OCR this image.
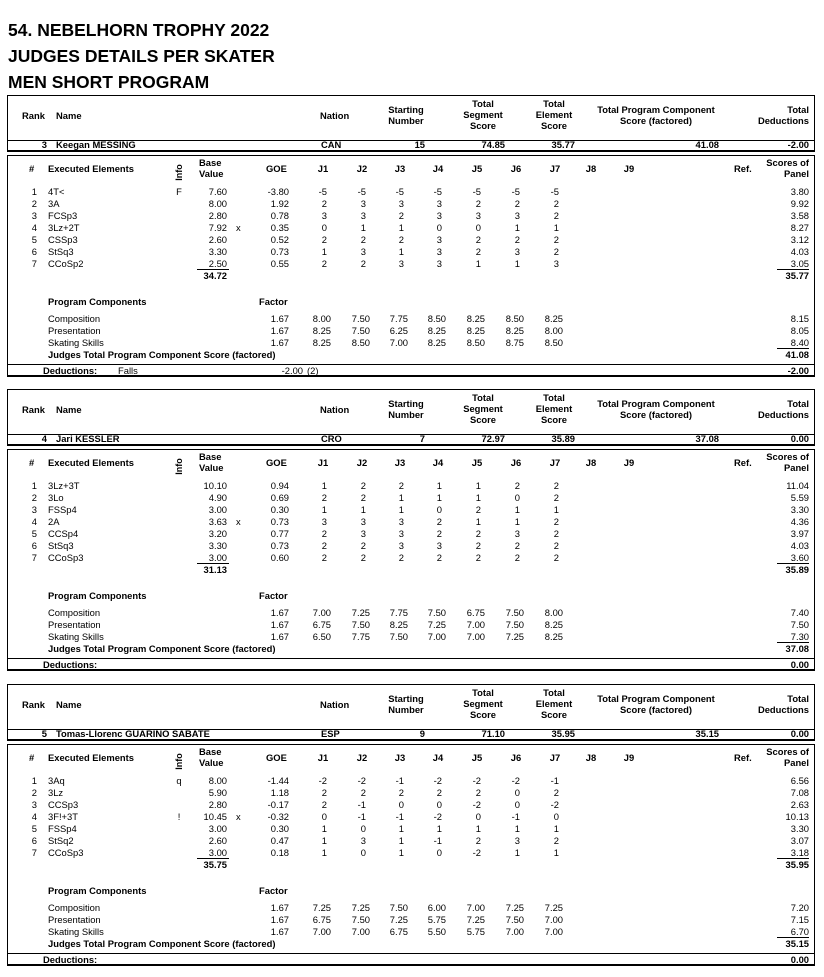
54. NEBELHORN TROPHY 2022
JUDGES DETAILS PER SKATER
MEN SHORT PROGRAM
Rank Name	Nation
Starting
Number
Total
Segment
Score
Total
Element
Score
Total Program Component
Score (factored)
Total
Deductions
3 Keegan MESSING	CAN	15	74.85	35.77	41.08	-2.00
# Executed Elements	Info
Base
Value	GOE	J1	J2	J3	J4	J5	J6	J7	J8	J9	Ref.
Scores of
Panel
1 4T<	F	7.60	-3.80	-5	-5	-5	-5	-5	-5	-5	3.80
2 3A	8.00	1.92	2	3	3	3	2	2	2	9.92
3 FCSp3	2.80	0.78	3	3	2	3	3	3	2	3.58
4 3Lz+2T	7.92 x	0.35	0	1	1	0	0	1	1	8.27
5 CSSp3	2.60	0.52	2	2	2	3	2	2	2	3.12
6 StSq3	3.30	0.73	1	3	1	3	2	3	2	4.03
7 CCoSp2	2.50	0.55	2	2	3	3	1	1	3	3.05
34.72	35.77
Program Components	Factor
Composition	1.67	8.00	7.50	7.75	8.50	8.25	8.50	8.25	8.15
Presentation	1.67	8.25	7.50	6.25	8.25	8.25	8.25	8.00	8.05
Skating Skills	1.67	8.25	8.50	7.00	8.25	8.50	8.75	8.50	8.40
Judges Total Program Component Score (factored)	41.08
Deductions: Falls	-2.00 (2)	-2.00
Rank Name	Nation
Starting
Number
Total
Segment
Score
Total
Element
Score
Total Program Component
Score (factored)
Total
Deductions
4 Jari KESSLER	CRO	7	72.97	35.89	37.08	0.00
# Executed Elements	Info
Base
Value	GOE	J1	J2	J3	J4	J5	J6	J7	J8	J9	Ref.
Scores of
Panel
1 3Lz+3T	10.10	0.94	1	2	2	1	1	2	2	11.04
2 3Lo	4.90	0.69	2	2	1	1	1	0	2	5.59
3 FSSp4	3.00	0.30	1	1	1	0	2	1	1	3.30
4 2A	3.63 x	0.73	3	3	3	2	1	1	2	4.36
5 CCSp4	3.20	0.77	2	3	3	2	2	3	2	3.97
6 StSq3	3.30	0.73	2	2	3	3	2	2	2	4.03
7 CCoSp3	3.00	0.60	2	2	2	2	2	2	2	3.60
31.13	35.89
Program Components	Factor
Composition	1.67	7.00	7.25	7.75	7.50	6.75	7.50	8.00	7.40
Presentation	1.67	6.75	7.50	8.25	7.25	7.00	7.50	8.25	7.50
Skating Skills	1.67	6.50	7.75	7.50	7.00	7.00	7.25	8.25	7.30
Judges Total Program Component Score (factored)	37.08
Deductions:	0.00
Rank Name	Nation
Starting
Number
Total
Segment
Score
Total
Element
Score
Total Program Component
Score (factored)
Total
Deductions
5 Tomas-Llorenc GUARINO SABATE	ESP	9	71.10	35.95	35.15	0.00
# Executed Elements	Info
Base
Value	GOE	J1	J2	J3	J4	J5	J6	J7	J8	J9	Ref.
Scores of
Panel
1 3Aq	q	8.00	-1.44	-2	-2	-1	-2	-2	-2	-1	6.56
2 3Lz	5.90	1.18	2	2	2	2	2	0	2	7.08
3 CCSp3	2.80	-0.17	2	-1	0	0	-2	0	-2	2.63
4 3F!+3T	!	10.45 x	-0.32	0	-1	-1	-2	0	-1	0	10.13
5 FSSp4	3.00	0.30	1	0	1	1	1	1	1	3.30
6 StSq2	2.60	0.47	1	3	1	-1	2	3	2	3.07
7 CCoSp3	3.00	0.18	1	0	1	0	-2	1	1	3.18
35.75	35.95
Program Components	Factor
Composition	1.67	7.25	7.25	7.50	6.00	7.00	7.25	7.25	7.20
Presentation	1.67	6.75	7.50	7.25	5.75	7.25	7.50	7.00	7.15
Skating Skills	1.67	7.00	7.00	6.75	5.50	5.75	7.00	7.00	6.70
Judges Total Program Component Score (factored)	35.15
Deductions:	0.00
